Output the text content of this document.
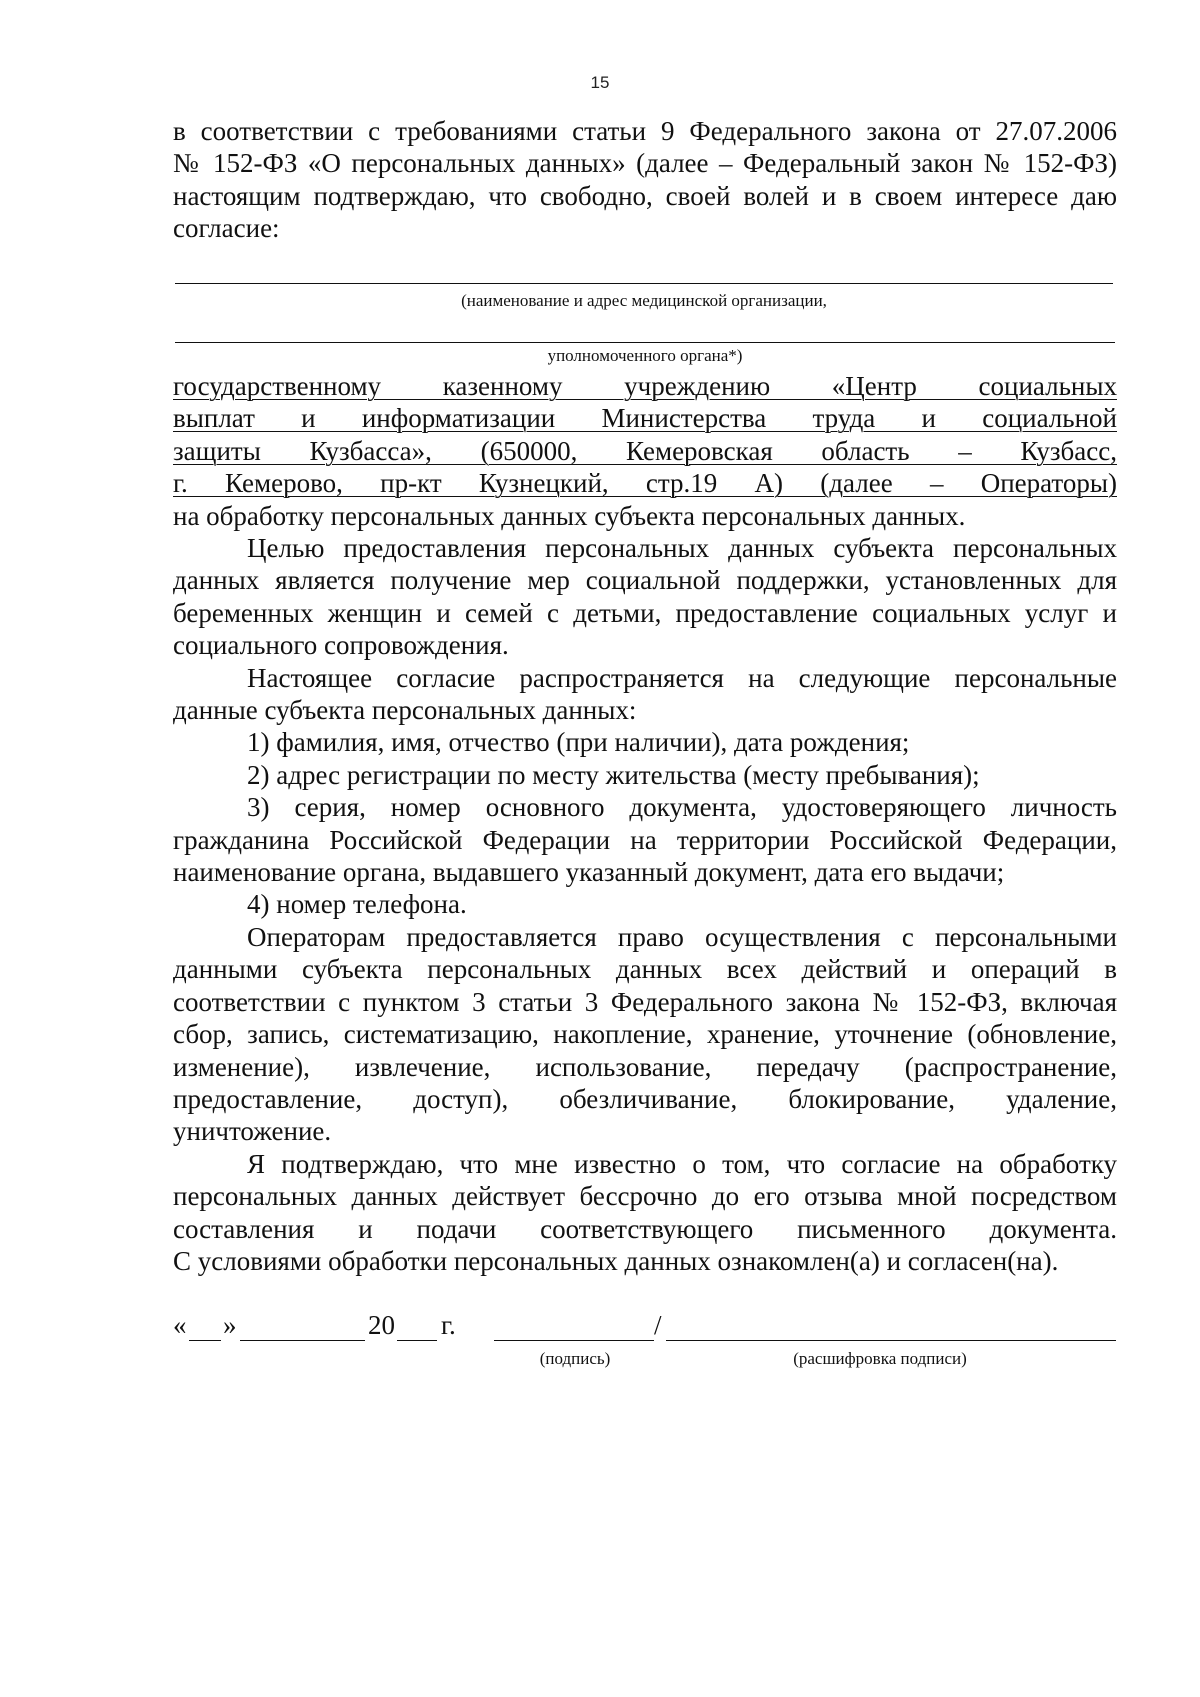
15
в соответствии с требованиями статьи 9 Федерального закона от 27.07.2006
№ 152-ФЗ «О персональных данных» (далее – Федеральный закон № 152-ФЗ)
настоящим подтверждаю, что свободно, своей волей и в своем интересе даю
согласие:
(наименование и адрес медицинской организации,
уполномоченного органа*)
государственному казенному учреждению «Центр социальных
выплат и информатизации Министерства труда и социальной
защиты Кузбасса», (650000, Кемеровская область – Кузбасс,
г. Кемерово, пр-кт Кузнецкий, стр.19 А) (далее – Операторы)
на обработку персональных данных субъекта персональных данных.
Целью предоставления персональных данных субъекта персональных
данных является получение мер социальной поддержки, установленных для
беременных женщин и семей с детьми, предоставление социальных услуг и
социального сопровождения.
Настоящее согласие распространяется на следующие персональные
данные субъекта персональных данных:
1) фамилия, имя, отчество (при наличии), дата рождения;
2) адрес регистрации по месту жительства (месту пребывания);
3) серия, номер основного документа, удостоверяющего личность
гражданина Российской Федерации на территории Российской Федерации,
наименование органа, выдавшего указанный документ, дата его выдачи;
4) номер телефона.
Операторам предоставляется право осуществления с персональными
данными субъекта персональных данных всех действий и операций в
соответствии с пунктом 3 статьи 3 Федерального закона № 152-ФЗ, включая
сбор, запись, систематизацию, накопление, хранение, уточнение (обновление,
изменение), извлечение, использование, передачу (распространение,
предоставление, доступ), обезличивание, блокирование, удаление,
уничтожение.
Я подтверждаю, что мне известно о том, что согласие на обработку
персональных данных действует бессрочно до его отзыва мной посредством
составления и подачи соответствующего письменного документа.
С условиями обработки персональных данных ознакомлен(а) и согласен(на).
« »	20 г.	/
(подпись)	(расшифровка подписи)
